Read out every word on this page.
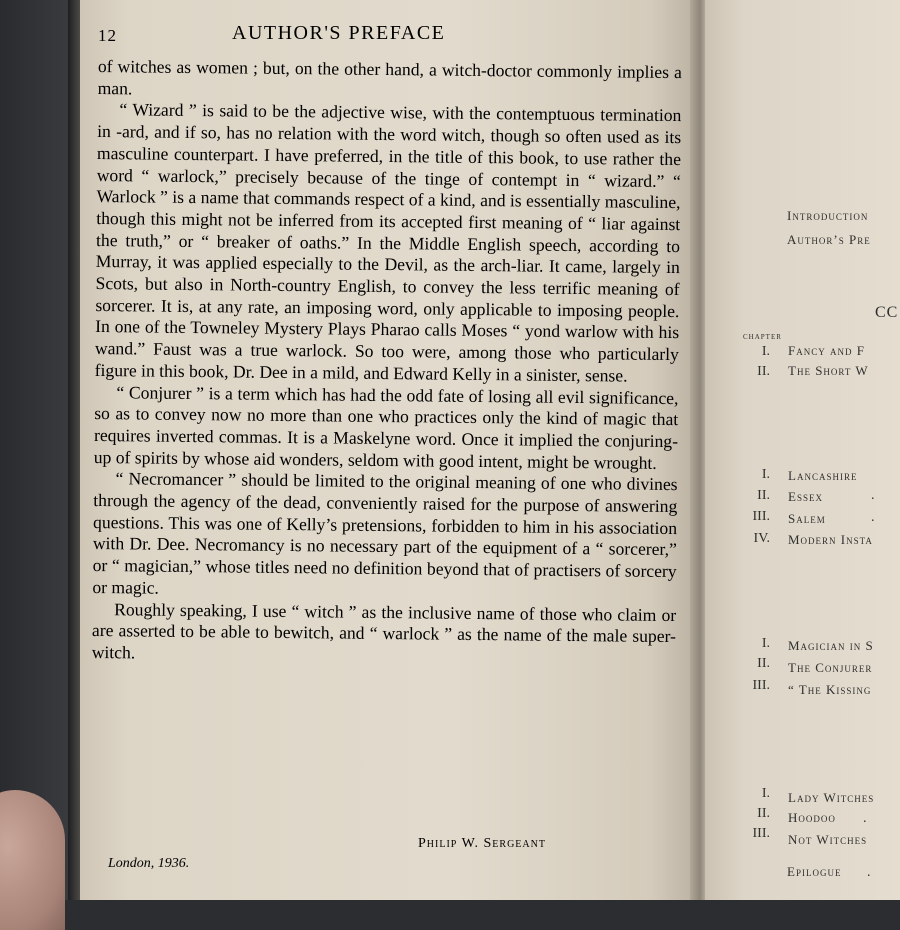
12	AUTHOR'S PREFACE

of witches as women ; but, on the other hand, a witch-doctor commonly implies a man.

“ Wizard ” is said to be the adjective wise, with the contemptuous termination in -ard, and if so, has no relation with the word witch, though so often used as its masculine counterpart. I have preferred, in the title of this book, to use rather the word “ warlock,” precisely because of the tinge of contempt in “ wizard.” “ Warlock ” is a name that commands respect of a kind, and is essentially masculine, though this might not be inferred from its accepted first meaning of “ liar against the truth,” or “ breaker of oaths.” In the Middle English speech, according to Murray, it was applied especially to the Devil, as the arch-liar. It came, largely in Scots, but also in North-country English, to convey the less terrific meaning of sorcerer. It is, at any rate, an imposing word, only applicable to imposing people. In one of the Towneley Mystery Plays Pharao calls Moses “ yond warlow with his wand.” Faust was a true warlock. So too were, among those who particularly figure in this book, Dr. Dee in a mild, and Edward Kelly in a sinister, sense.

“ Conjurer ” is a term which has had the odd fate of losing all evil significance, so as to convey now no more than one who practices only the kind of magic that requires inverted commas. It is a Maskelyne word. Once it implied the conjuring-up of spirits by whose aid wonders, seldom with good intent, might be wrought.

“ Necromancer ” should be limited to the original meaning of one who divines through the agency of the dead, conveniently raised for the purpose of answering questions. This was one of Kelly’s pretensions, forbidden to him in his association with Dr. Dee. Necromancy is no necessary part of the equipment of a “ sorcerer,” or “ magician,” whose titles need no definition beyond that of practisers of sorcery or magic.

Roughly speaking, I use “ witch ” as the inclusive name of those who claim or are asserted to be able to bewitch, and “ warlock ” as the name of the male super-witch.

Philip W. Sergeant
London, 1936.
Introduction
Author’s Pre
CC
CHAPTER
I. Fancy and F
II. The Short W
I. Lancashire
.
II. Essex
.
III. Salem
IV. Modern Insta
I. Magician in S
II. The Conjurer
III. “ The Kissing
I. Lady Witches
II. Hoodoo .
III. Not Witches
Epilogue .
